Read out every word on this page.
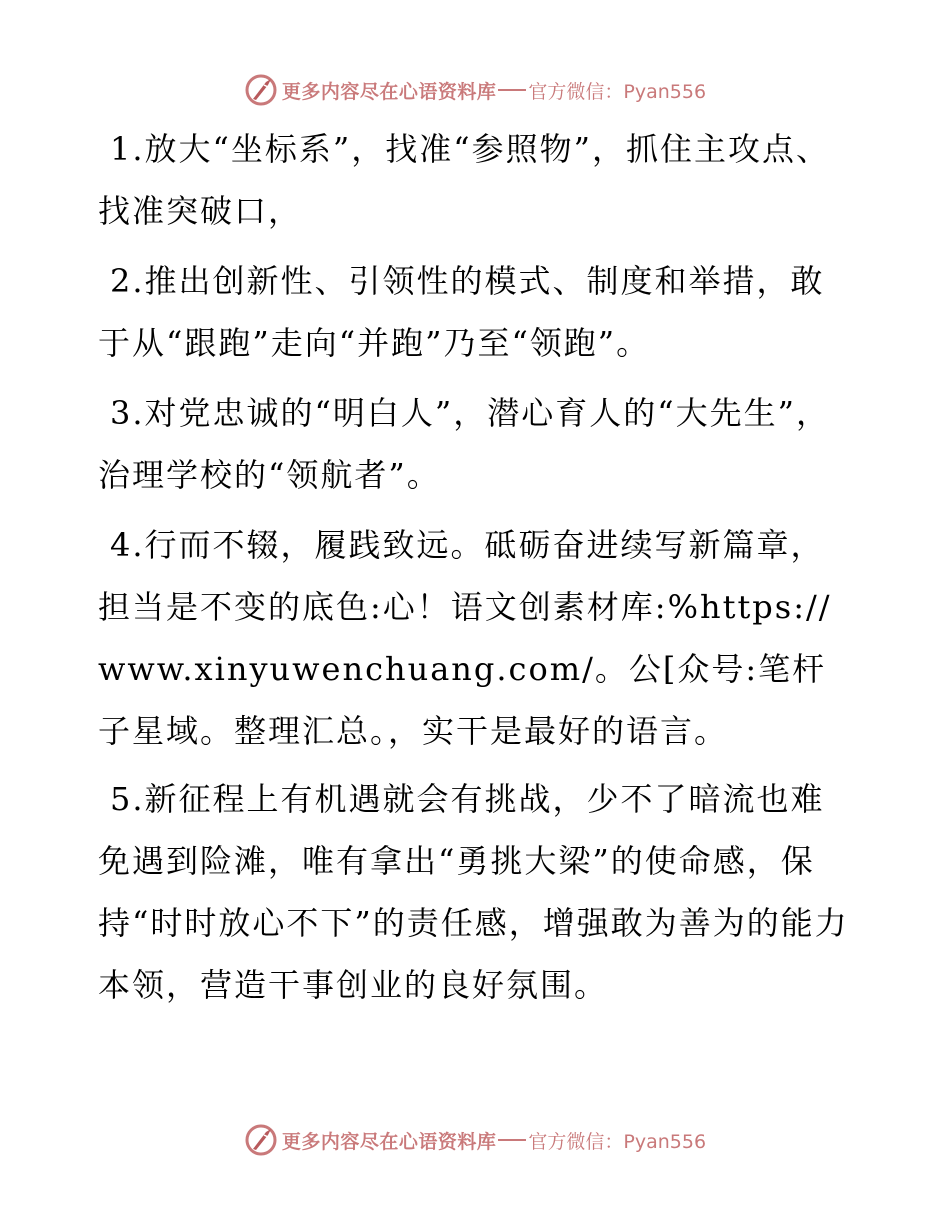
更多内容尽在心语资料库 官方微信：Pyan556

1.放大“坐标系”，找准“参照物”，抓住主攻点、找准突破口，

2.推出创新性、引领性的模式、制度和举措，敢于从“跟跑”走向“并跑”乃至“领跑”。

3.对党忠诚的“明白人”，潜心育人的“大先生”，治理学校的“领航者”。

4.行而不辍，履践致远。砥砺奋进续写新篇章，担当是不变的底色:心！语文创素材库:%https://www.xinyuwenchuang.com/。公[众号:笔杆子星域。整理汇总。，实干是最好的语言。

5.新征程上有机遇就会有挑战，少不了暗流也难免遇到险滩，唯有拿出“勇挑大梁”的使命感，保持“时时放心不下”的责任感，增强敢为善为的能力本领，营造干事创业的良好氛围。

更多内容尽在心语资料库 官方微信：Pyan556
